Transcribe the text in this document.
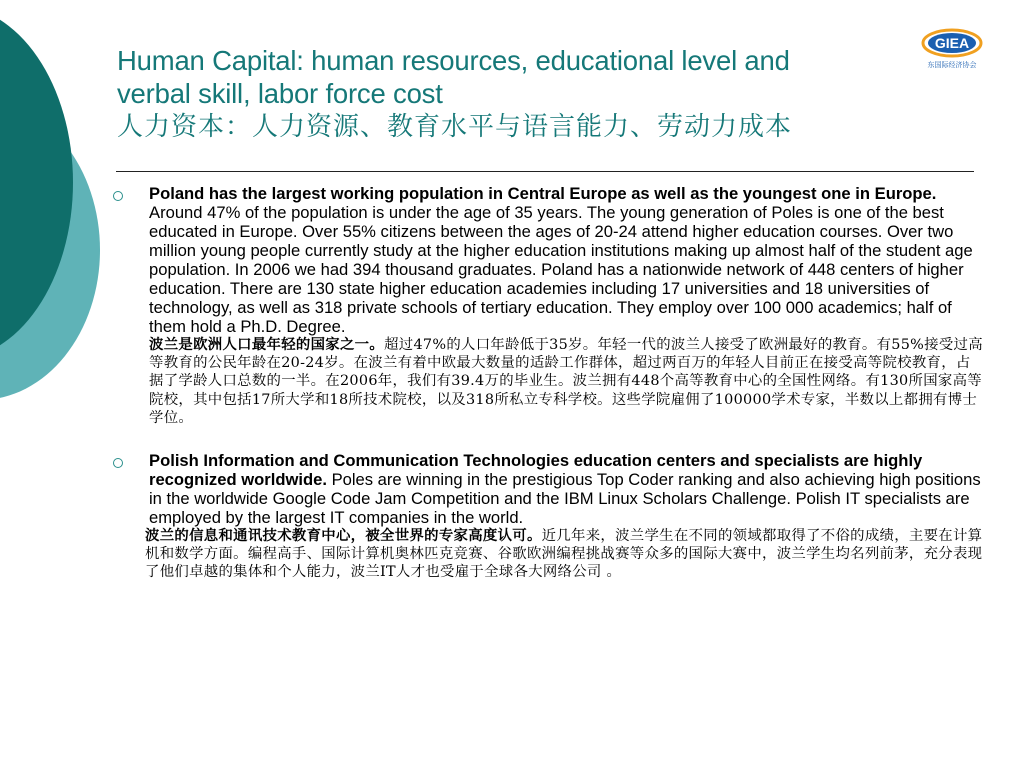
GIEA
东国际经济协会
Human Capital: human resources, educational level and
verbal skill, labor force cost
人力资本：人力资源、教育水平与语言能力、劳动力成本
Poland has the largest working population in Central Europe as well as the youngest one in Europe. Around 47% of the population is under the age of 35 years. The young generation of Poles is one of the best educated in Europe. Over 55% citizens between the ages of 20-24 attend higher education courses. Over two million young people currently study at the higher education institutions making up almost half of the student age population. In 2006 we had 394 thousand graduates. Poland has a nationwide network of 448 centers of higher education. There are 130 state higher education academies including 17 universities and 18 universities of technology, as well as 318 private schools of tertiary education. They employ over 100 000 academics; half of them hold a Ph.D. Degree.
波兰是欧洲人口最年轻的国家之一。超过47%的人口年龄低于35岁。年轻一代的波兰人接受了欧洲最好的教育。有55%接受过高等教育的公民年龄在20-24岁。在波兰有着中欧最大数量的适龄工作群体，超过两百万的年轻人目前正在接受高等院校教育，占据了学龄人口总数的一半。在2006年，我们有39.4万的毕业生。波兰拥有448个高等教育中心的全国性网络。有130所国家高等院校，其中包括17所大学和18所技术院校，以及318所私立专科学校。这些学院雇佣了100000学术专家，半数以上都拥有博士学位。
Polish Information and Communication Technologies education centers and specialists are highly recognized worldwide. Poles are winning in the prestigious Top Coder ranking and also achieving high positions in the worldwide Google Code Jam Competition and the IBM Linux Scholars Challenge. Polish IT specialists are employed by the largest IT companies in the world.
波兰的信息和通讯技术教育中心，被全世界的专家高度认可。近几年来，波兰学生在不同的领域都取得了不俗的成绩，主要在计算机和数学方面。编程高手、国际计算机奥林匹克竞赛、谷歌欧洲编程挑战赛等众多的国际大赛中，波兰学生均名列前茅，充分表现了他们卓越的集体和个人能力，波兰IT人才也受雇于全球各大网络公司 。
